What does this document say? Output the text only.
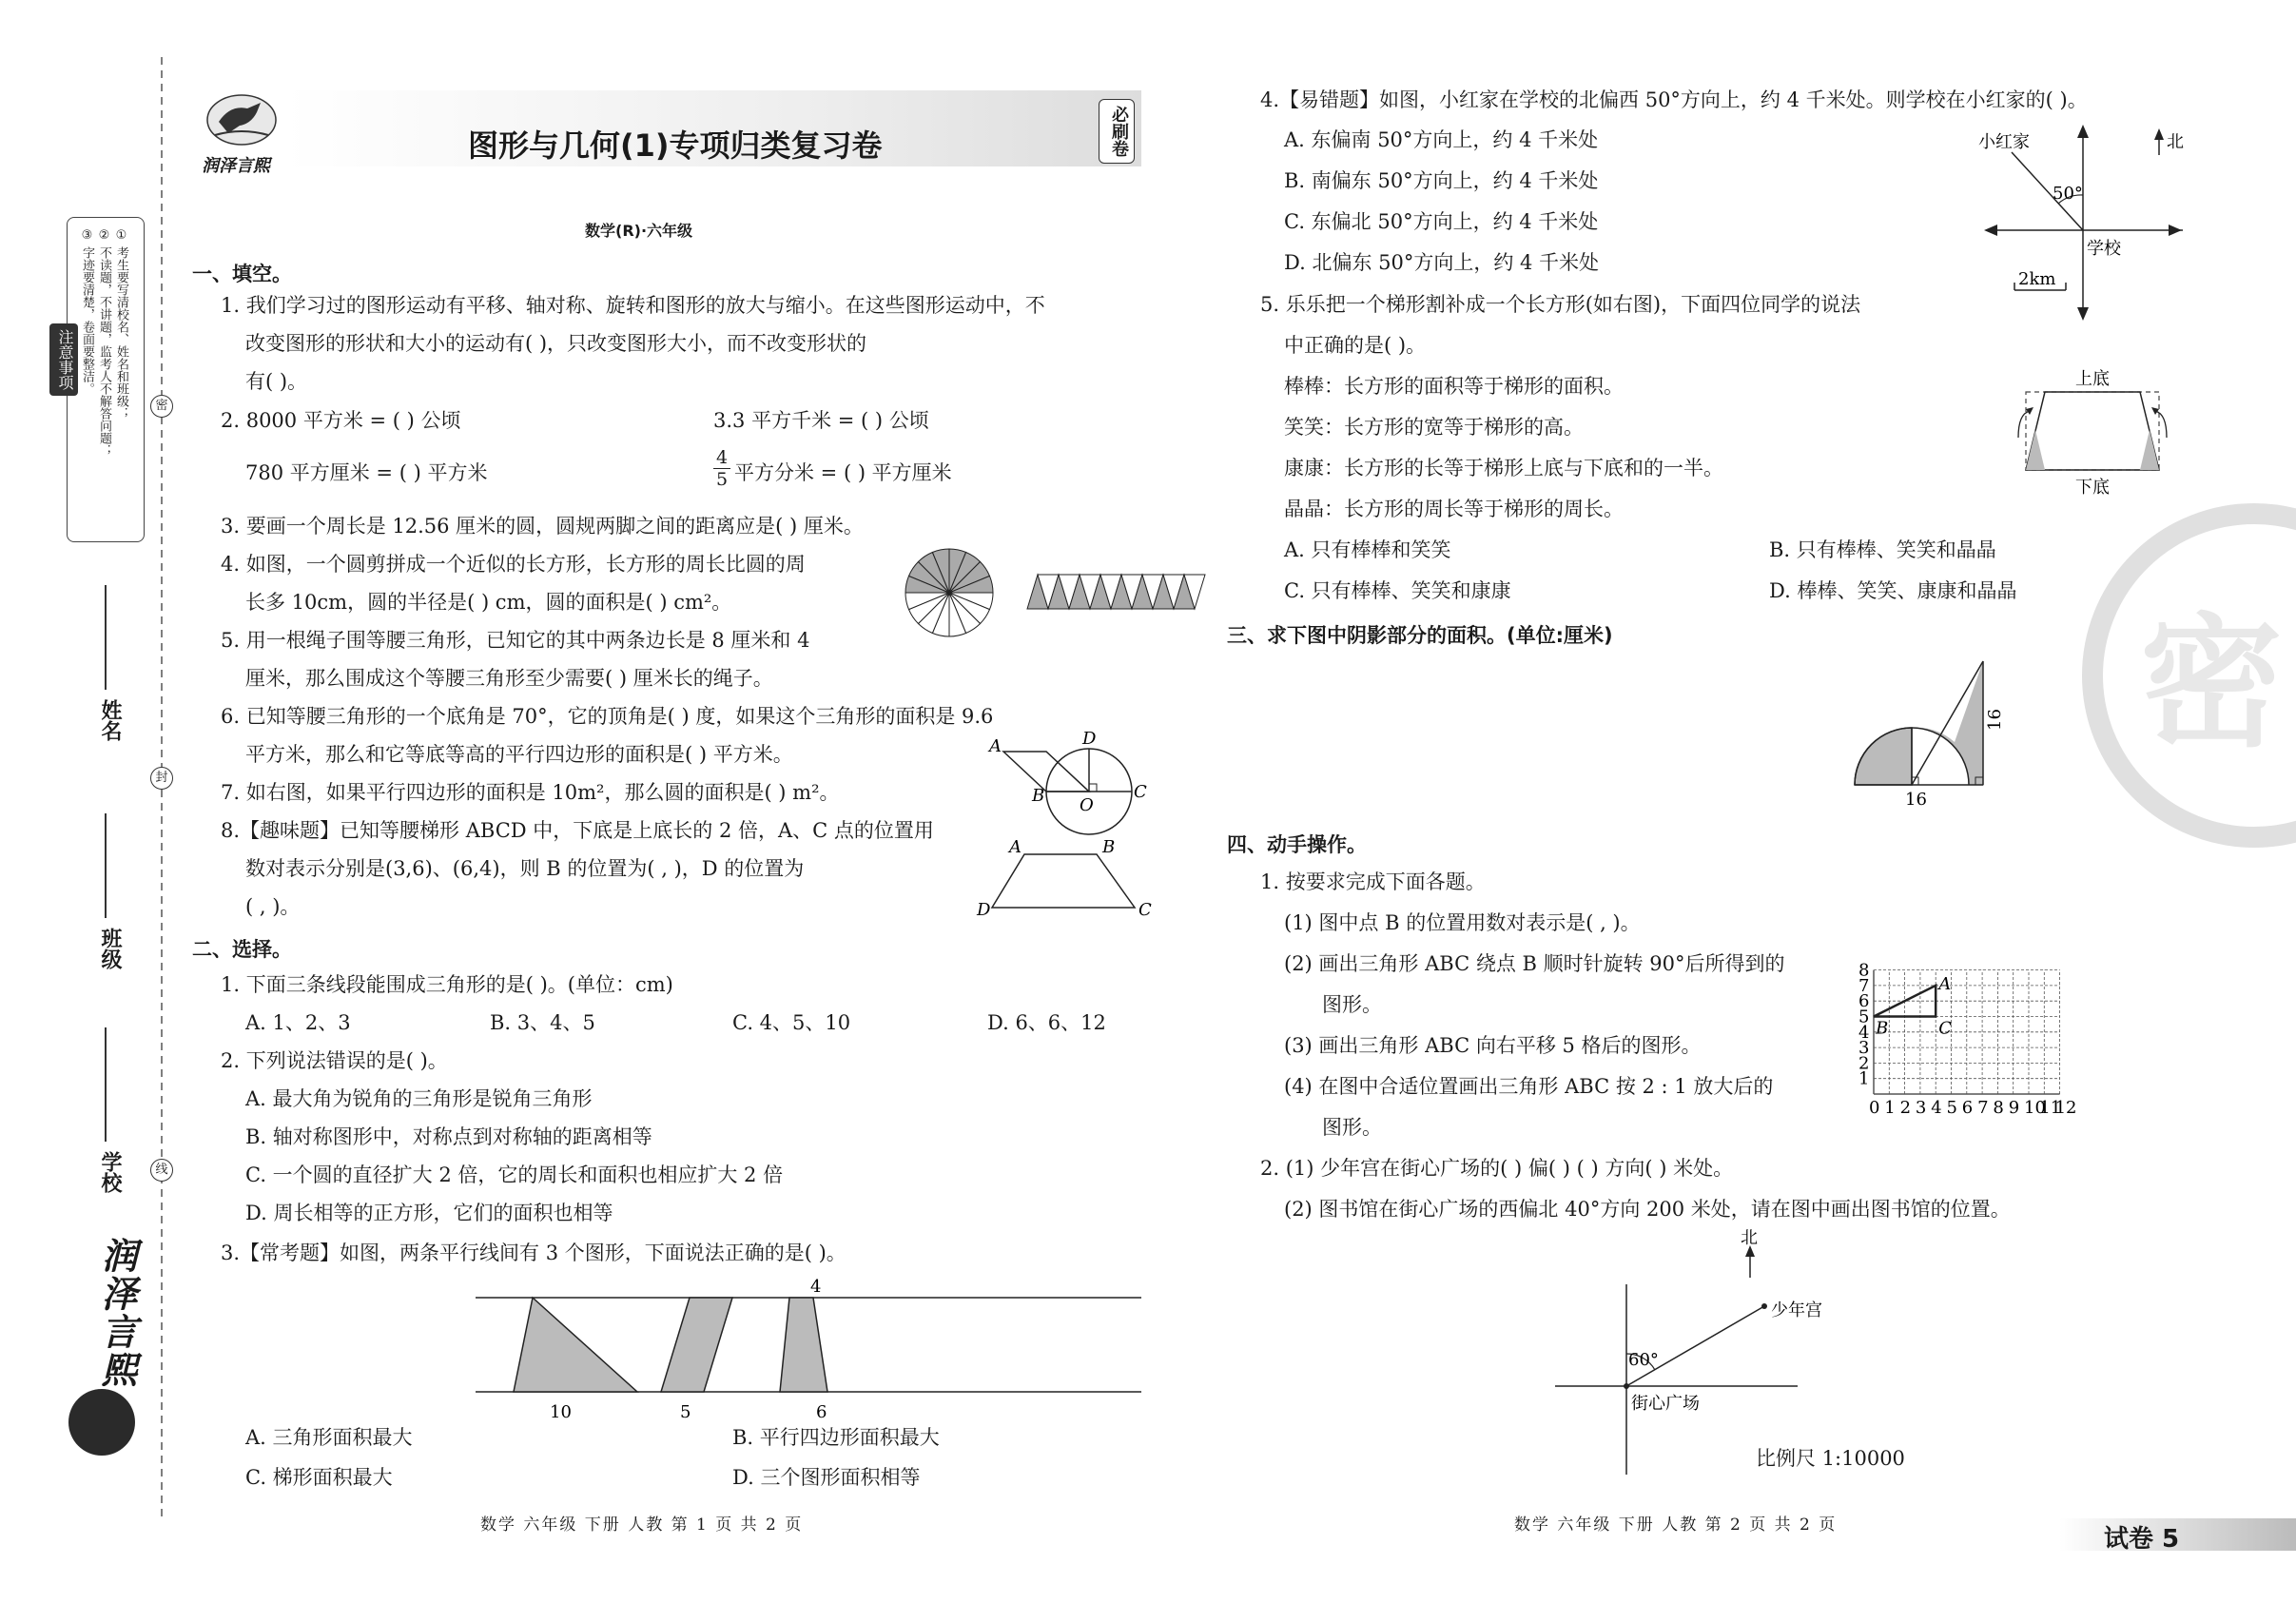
注意事项	① 考生要写清校名、姓名和班级；
② 不读题，不讲题，监考人不解答问题；
③ 字迹要清楚，卷面要整洁。
密
封
线
姓名
班级
学校
润泽言熙
润泽言熙
图形与几何(1)专项归类复习卷	必刷卷
数学(R)·六年级
一、填空。
1. 我们学习过的图形运动有平移、轴对称、旋转和图形的放大与缩小。在这些图形运动中，不
改变图形的形状和大小的运动有( )，只改变图形大小，而不改变形状的
有( )。
2. 8000 平方米 = ( ) 公顷	3.3 平方千米 = ( ) 公顷
780 平方厘米 = ( ) 平方米	$\frac{4}{5}$ 平方分米 = ( ) 平方厘米
3. 要画一个周长是 12.56 厘米的圆，圆规两脚之间的距离应是( ) 厘米。
4. 如图，一个圆剪拼成一个近似的长方形，长方形的周长比圆的周
长多 10cm，圆的半径是( ) cm，圆的面积是( ) cm²。
5. 用一根绳子围等腰三角形，已知它的其中两条边长是 8 厘米和 4
厘米，那么围成这个等腰三角形至少需要( ) 厘米长的绳子。
6. 已知等腰三角形的一个底角是 70°，它的顶角是( ) 度，如果这个三角形的面积是 9.6
平方米，那么和它等底等高的平行四边形的面积是( ) 平方米。
7. 如右图，如果平行四边形的面积是 10m²，那么圆的面积是( ) m²。
A	D
B O
C
8.【趣味题】已知等腰梯形 ABCD 中，下底是上底长的 2 倍，A、C 点的位置用
数对表示分别是(3,6)、(6,4)，则 B 的位置为( , )，D 的位置为
( , )。
A	B
D	C
二、选择。
1. 下面三条线段能围成三角形的是( )。(单位：cm)
A. 1、2、3	B. 3、4、5	C. 4、5、10	D. 6、6、12
2. 下列说法错误的是( )。
A. 最大角为锐角的三角形是锐角三角形
B. 轴对称图形中，对称点到对称轴的距离相等
C. 一个圆的直径扩大 2 倍，它的周长和面积也相应扩大 2 倍
D. 周长相等的正方形，它们的面积也相等
3.【常考题】如图，两条平行线间有 3 个图形，下面说法正确的是( )。
4
10	5	6
A. 三角形面积最大	B. 平行四边形面积最大
C. 梯形面积最大	D. 三个图形面积相等
数学 六年级 下册 人教 第 1 页 共 2 页
4.【易错题】如图，小红家在学校的北偏西 50°方向上，约 4 千米处。则学校在小红家的( )。
A. 东偏南 50°方向上，约 4 千米处
B. 南偏东 50°方向上，约 4 千米处
C. 东偏北 50°方向上，约 4 千米处
D. 北偏东 50°方向上，约 4 千米处
北
小红家
50°
学校
2km
5. 乐乐把一个梯形割补成一个长方形(如右图)，下面四位同学的说法
中正确的是( )。
棒棒：长方形的面积等于梯形的面积。
笑笑：长方形的宽等于梯形的高。
康康：长方形的长等于梯形上底与下底和的一半。
晶晶：长方形的周长等于梯形的周长。
上底
下底
A. 只有棒棒和笑笑	B. 只有棒棒、笑笑和晶晶
C. 只有棒棒、笑笑和康康	D. 棒棒、笑笑、康康和晶晶
三、求下图中阴影部分的面积。(单位:厘米)
16
16
四、动手操作。
1. 按要求完成下面各题。
(1) 图中点 B 的位置用数对表示是( , )。
(2) 画出三角形 ABC 绕点 B 顺时针旋转 90°后所得到的
图形。
(3) 画出三角形 ABC 向右平移 5 格后的图形。
(4) 在图中合适位置画出三角形 ABC 按 2 : 1 放大后的
图形。
0 1 2 3 4 5 6 7 8 9 10
11
12
1
2
3
4
5
6
7
8
A
B	C
2. (1) 少年宫在街心广场的( ) 偏( ) ( ) 方向( ) 米处。
(2) 图书馆在街心广场的西偏北 40°方向 200 米处，请在图中画出图书馆的位置。
北
少年宫
60°
街心广场
比例尺 1:10000
数学 六年级 下册 人教 第 2 页 共 2 页	试卷 5
密
